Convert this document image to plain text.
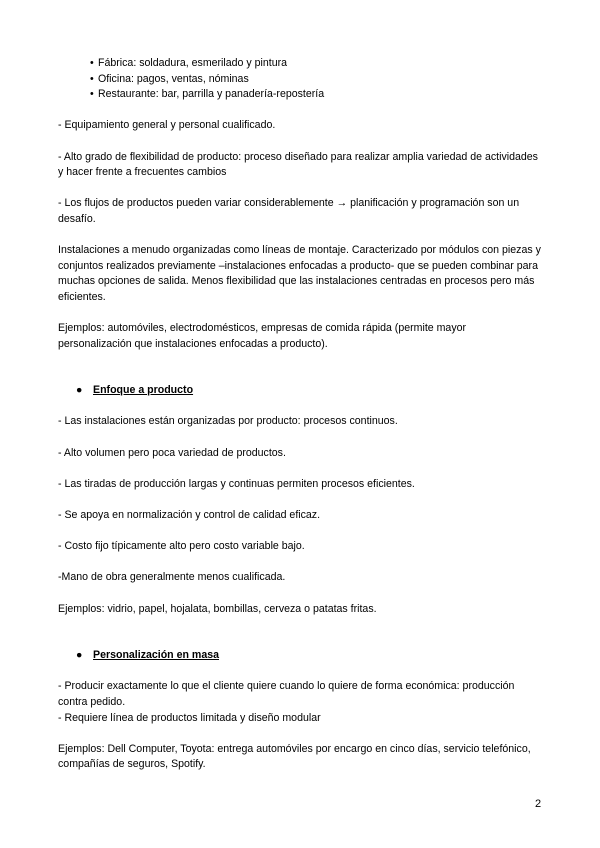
• Fábrica: soldadura, esmerilado y pintura
• Oficina: pagos, ventas, nóminas
• Restaurante: bar, parrilla y panadería-repostería

- Equipamiento general y personal cualificado.

- Alto grado de flexibilidad de producto: proceso diseñado para realizar amplia variedad de actividades y hacer frente a frecuentes cambios

- Los flujos de productos pueden variar considerablemente → planificación y programación son un desafío.

Instalaciones a menudo organizadas como líneas de montaje. Caracterizado por módulos con piezas y conjuntos realizados previamente –instalaciones enfocadas a producto- que se pueden combinar para muchas opciones de salida. Menos flexibilidad que las instalaciones centradas en procesos pero más eficientes.

Ejemplos: automóviles, electrodomésticos, empresas de comida rápida (permite mayor personalización que instalaciones enfocadas a producto).

● Enfoque a producto

- Las instalaciones están organizadas por producto: procesos continuos.

- Alto volumen pero poca variedad de productos.

- Las tiradas de producción largas y continuas permiten procesos eficientes.

- Se apoya en normalización y control de calidad eficaz.

- Costo fijo típicamente alto pero costo variable bajo.

-Mano de obra generalmente menos cualificada.

Ejemplos: vidrio, papel, hojalata, bombillas, cerveza o patatas fritas.

● Personalización en masa

- Producir exactamente lo que el cliente quiere cuando lo quiere de forma económica: producción contra pedido.

- Requiere línea de productos limitada y diseño modular

Ejemplos: Dell Computer, Toyota: entrega automóviles por encargo en cinco días, servicio telefónico, compañías de seguros, Spotify.

2
